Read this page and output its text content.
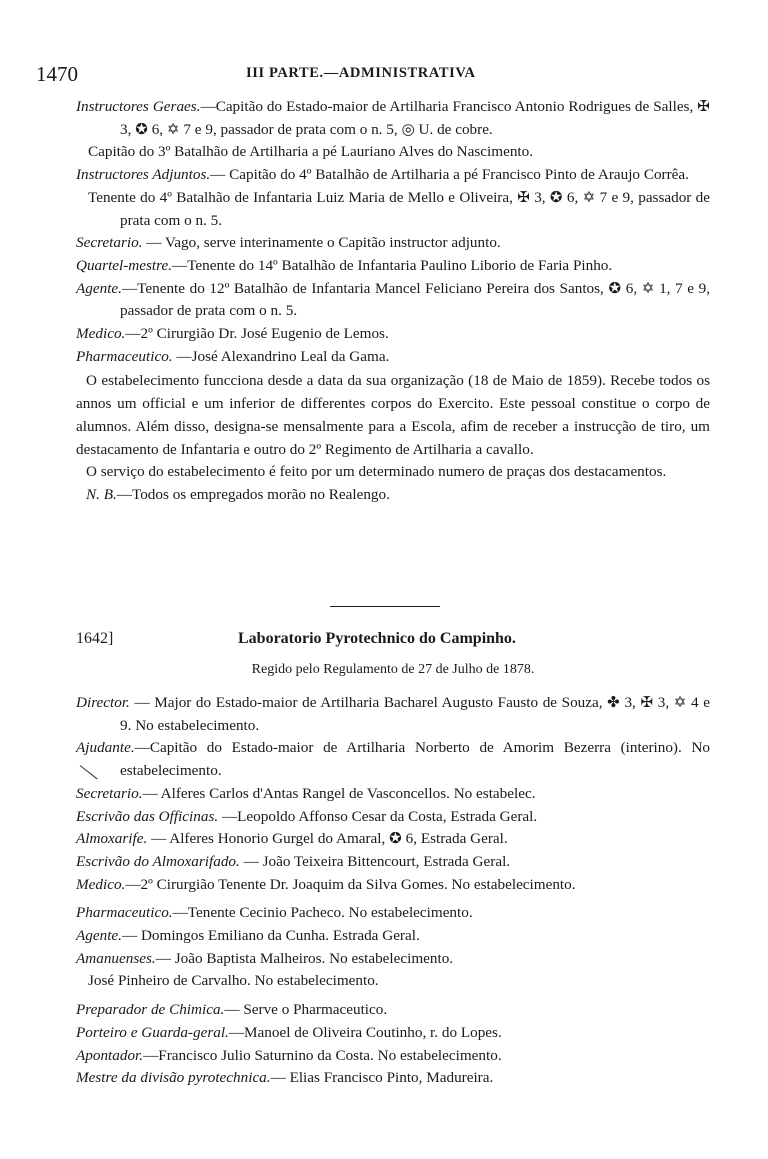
1470	III PARTE.—ADMINISTRATIVA
Instructores Geraes.—Capitão do Estado-maior de Artilharia Francisco Antonio Rodrigues de Salles, ✠ 3, ✪ 6, ✡ 7 e 9, passador de prata com o n. 5, ◎ U. de cobre.
Capitão do 3º Batalhão de Artilharia a pé Lauriano Alves do Nascimento.
Instructores Adjuntos.— Capitão do 4º Batalhão de Artilharia a pé Francisco Pinto de Araujo Corrêa.
Tenente do 4º Batalhão de Infantaria Luiz Maria de Mello e Oliveira, ✠ 3, ✪ 6, ✡ 7 e 9, passador de prata com o n. 5.
Secretario. — Vago, serve interinamente o Capitão instructor adjunto.
Quartel-mestre.—Tenente do 14º Batalhão de Infantaria Paulino Liborio de Faria Pinho.
Agente.—Tenente do 12º Batalhão de Infantaria Mancel Feliciano Pereira dos Santos, ✪ 6, ✡ 1, 7 e 9, passador de prata com o n. 5.
Medico.—2º Cirurgião Dr. José Eugenio de Lemos.
Pharmaceutico. —José Alexandrino Leal da Gama.
O estabelecimento funcciona desde a data da sua organização (18 de Maio de 1859). Recebe todos os annos um official e um inferior de differentes corpos do Exercito. Este pessoal constitue o corpo de alumnos. Além disso, designa-se mensalmente para a Escola, afim de receber a instrucção de tiro, um destacamento de Infantaria e outro do 2º Regimento de Artilharia a cavallo.
O serviço do estabelecimento é feito por um determinado numero de praças dos destacamentos.
N. B.—Todos os empregados morão no Realengo.
1642]	Laboratorio Pyrotechnico do Campinho.
Regido pelo Regulamento de 27 de Julho de 1878.
Director. — Major do Estado-maior de Artilharia Bacharel Augusto Fausto de Souza, ✤ 3, ✠ 3, ✡ 4 e 9. No estabelecimento.
Ajudante.—Capitão do Estado-maior de Artilharia Norberto de Amorim Bezerra (interino). No estabelecimento.
Secretario.— Alferes Carlos d'Antas Rangel de Vasconcellos. No estabelec.
Escrivão das Officinas. —Leopoldo Affonso Cesar da Costa, Estrada Geral.
Almoxarife. — Alferes Honorio Gurgel do Amaral, ✪ 6, Estrada Geral.
Escrivão do Almoxarifado. — João Teixeira Bittencourt, Estrada Geral.
Medico.—2º Cirurgião Tenente Dr. Joaquim da Silva Gomes. No estabelecimento.
Pharmaceutico.—Tenente Cecinio Pacheco. No estabelecimento.
Agente.— Domingos Emiliano da Cunha. Estrada Geral.
Amanuenses.— João Baptista Malheiros. No estabelecimento.
José Pinheiro de Carvalho. No estabelecimento.
Preparador de Chimica.— Serve o Pharmaceutico.
Porteiro e Guarda-geral.—Manoel de Oliveira Coutinho, r. do Lopes.
Apontador.—Francisco Julio Saturnino da Costa. No estabelecimento.
Mestre da divisão pyrotechnica.— Elias Francisco Pinto, Madureira.
